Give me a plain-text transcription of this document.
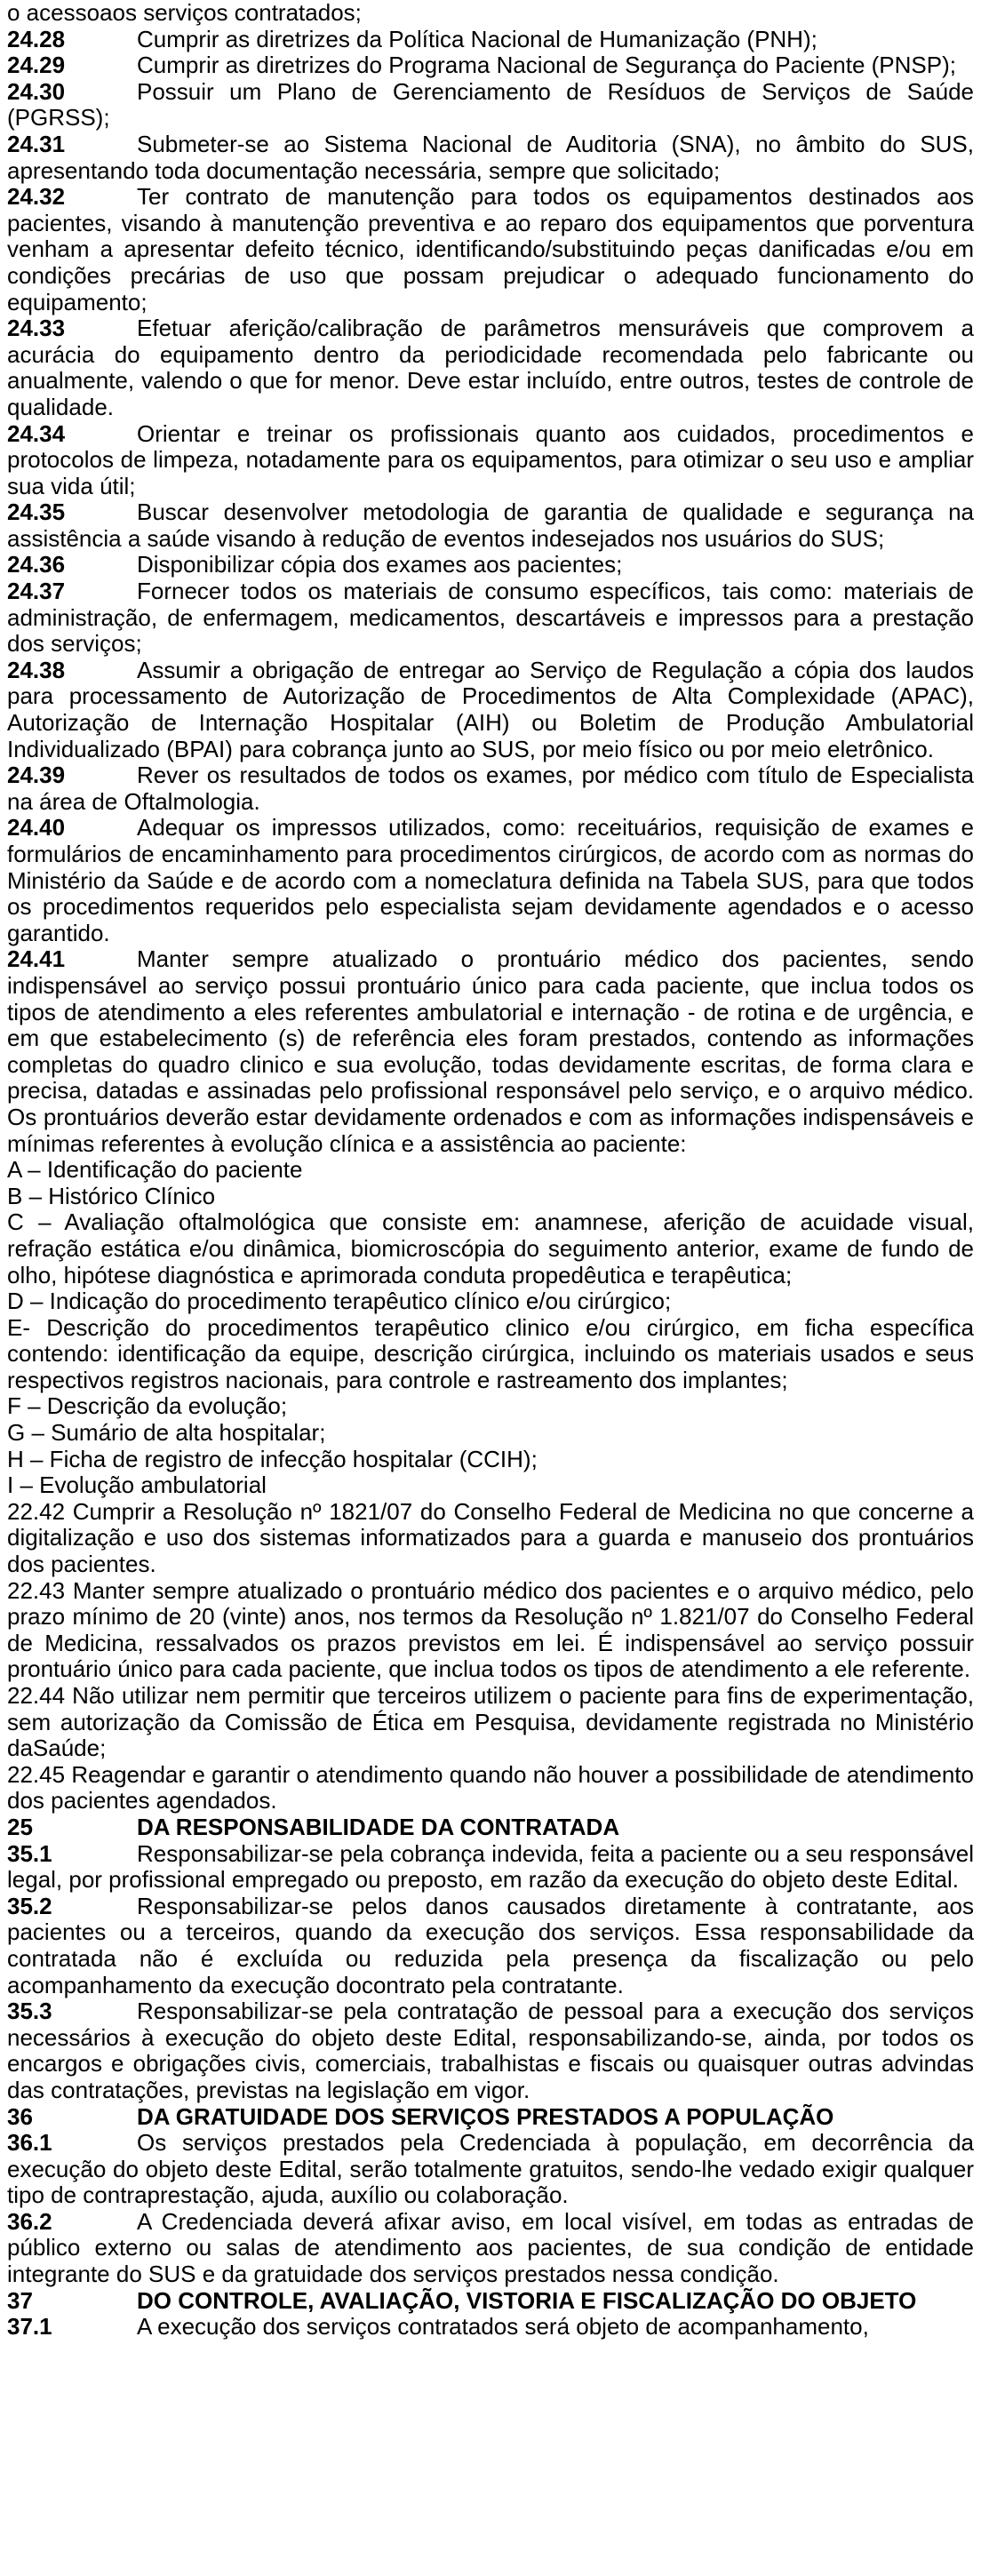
o acessoaos serviços contratados;

24.28	Cumprir as diretrizes da Política Nacional de Humanização (PNH);

24.29	Cumprir as diretrizes do Programa Nacional de Segurança do Paciente (PNSP);

24.30	Possuir um Plano de Gerenciamento de Resíduos de Serviços de Saúde (PGRSS);

24.31	Submeter-se ao Sistema Nacional de Auditoria (SNA), no âmbito do SUS, apresentando toda documentação necessária, sempre que solicitado;

24.32	Ter contrato de manutenção para todos os equipamentos destinados aos pacientes, visando à manutenção preventiva e ao reparo dos equipamentos que porventura venham a apresentar defeito técnico, identificando/substituindo peças danificadas e/ou em condições precárias de uso que possam prejudicar o adequado funcionamento do equipamento;

24.33	Efetuar aferição/calibração de parâmetros mensuráveis que comprovem a acurácia do equipamento dentro da periodicidade recomendada pelo fabricante ou anualmente, valendo o que for menor. Deve estar incluído, entre outros, testes de controle de qualidade.

24.34	Orientar e treinar os profissionais quanto aos cuidados, procedimentos e protocolos de limpeza, notadamente para os equipamentos, para otimizar o seu uso e ampliar sua vida útil;

24.35	Buscar desenvolver metodologia de garantia de qualidade e segurança na assistência a saúde visando à redução de eventos indesejados nos usuários do SUS;

24.36	Disponibilizar cópia dos exames aos pacientes;

24.37	Fornecer todos os materiais de consumo específicos, tais como: materiais de administração, de enfermagem, medicamentos, descartáveis e impressos para a prestação dos serviços;

24.38	Assumir a obrigação de entregar ao Serviço de Regulação a cópia dos laudos para processamento de Autorização de Procedimentos de Alta Complexidade (APAC), Autorização de Internação Hospitalar (AIH) ou Boletim de Produção Ambulatorial Individualizado (BPAI) para cobrança junto ao SUS, por meio físico ou por meio eletrônico.

24.39	Rever os resultados de todos os exames, por médico com título de Especialista na área de Oftalmologia.

24.40	Adequar os impressos utilizados, como: receituários, requisição de exames e formulários de encaminhamento para procedimentos cirúrgicos, de acordo com as normas do Ministério da Saúde e de acordo com a nomeclatura definida na Tabela SUS, para que todos os procedimentos requeridos pelo especialista sejam devidamente agendados e o acesso garantido.

24.41	Manter sempre atualizado o prontuário médico dos pacientes, sendo indispensável ao serviço possui prontuário único para cada paciente, que inclua todos os tipos de atendimento a eles referentes ambulatorial e internação - de rotina e de urgência, e em que estabelecimento (s) de referência eles foram prestados, contendo as informações completas do quadro clinico e sua evolução, todas devidamente escritas, de forma clara e precisa, datadas e assinadas pelo profissional responsável pelo serviço, e o arquivo médico. Os prontuários deverão estar devidamente ordenados e com as informações indispensáveis e mínimas referentes à evolução clínica e a assistência ao paciente:

A – Identificação do paciente

B – Histórico Clínico

C – Avaliação oftalmológica que consiste em: anamnese, aferição de acuidade visual, refração estática e/ou dinâmica, biomicroscópia do seguimento anterior, exame de fundo de olho, hipótese diagnóstica e aprimorada conduta propedêutica e terapêutica;

D – Indicação do procedimento terapêutico clínico e/ou cirúrgico;

E- Descrição do procedimentos terapêutico clinico e/ou cirúrgico, em ficha específica contendo: identificação da equipe, descrição cirúrgica, incluindo os materiais usados e seus respectivos registros nacionais, para controle e rastreamento dos implantes;

F – Descrição da evolução;

G – Sumário de alta hospitalar;

H – Ficha de registro de infecção hospitalar (CCIH);

I – Evolução ambulatorial

22.42 Cumprir a Resolução nº 1821/07 do Conselho Federal de Medicina no que concerne a digitalização e uso dos sistemas informatizados para a guarda e manuseio dos prontuários dos pacientes.

22.43 Manter sempre atualizado o prontuário médico dos pacientes e o arquivo médico, pelo prazo mínimo de 20 (vinte) anos, nos termos da Resolução nº 1.821/07 do Conselho Federal de Medicina, ressalvados os prazos previstos em lei. É indispensável ao serviço possuir prontuário único para cada paciente, que inclua todos os tipos de atendimento a ele referente.

22.44 Não utilizar nem permitir que terceiros utilizem o paciente para fins de experimentação, sem autorização da Comissão de Ética em Pesquisa, devidamente registrada no Ministério daSaúde;

22.45 Reagendar e garantir o atendimento quando não houver a possibilidade de atendimento dos pacientes agendados.

25	DA RESPONSABILIDADE DA CONTRATADA

35.1	Responsabilizar-se pela cobrança indevida, feita a paciente ou a seu responsável legal, por profissional empregado ou preposto, em razão da execução do objeto deste Edital.

35.2	Responsabilizar-se pelos danos causados diretamente à contratante, aos pacientes ou a terceiros, quando da execução dos serviços. Essa responsabilidade da contratada não é excluída ou reduzida pela presença da fiscalização ou pelo acompanhamento da execução docontrato pela contratante.

35.3	Responsabilizar-se pela contratação de pessoal para a execução dos serviços necessários à execução do objeto deste Edital, responsabilizando-se, ainda, por todos os encargos e obrigações civis, comerciais, trabalhistas e fiscais ou quaisquer outras advindas das contratações, previstas na legislação em vigor.

36	DA GRATUIDADE DOS SERVIÇOS PRESTADOS A POPULAÇÃO

36.1	Os serviços prestados pela Credenciada à população, em decorrência da execução do objeto deste Edital, serão totalmente gratuitos, sendo-lhe vedado exigir qualquer tipo de contraprestação, ajuda, auxílio ou colaboração.

36.2	A Credenciada deverá afixar aviso, em local visível, em todas as entradas de público externo ou salas de atendimento aos pacientes, de sua condição de entidade integrante do SUS e da gratuidade dos serviços prestados nessa condição.

37	DO CONTROLE, AVALIAÇÃO, VISTORIA E FISCALIZAÇÃO DO OBJETO

37.1	A execução dos serviços contratados será objeto de acompanhamento,
